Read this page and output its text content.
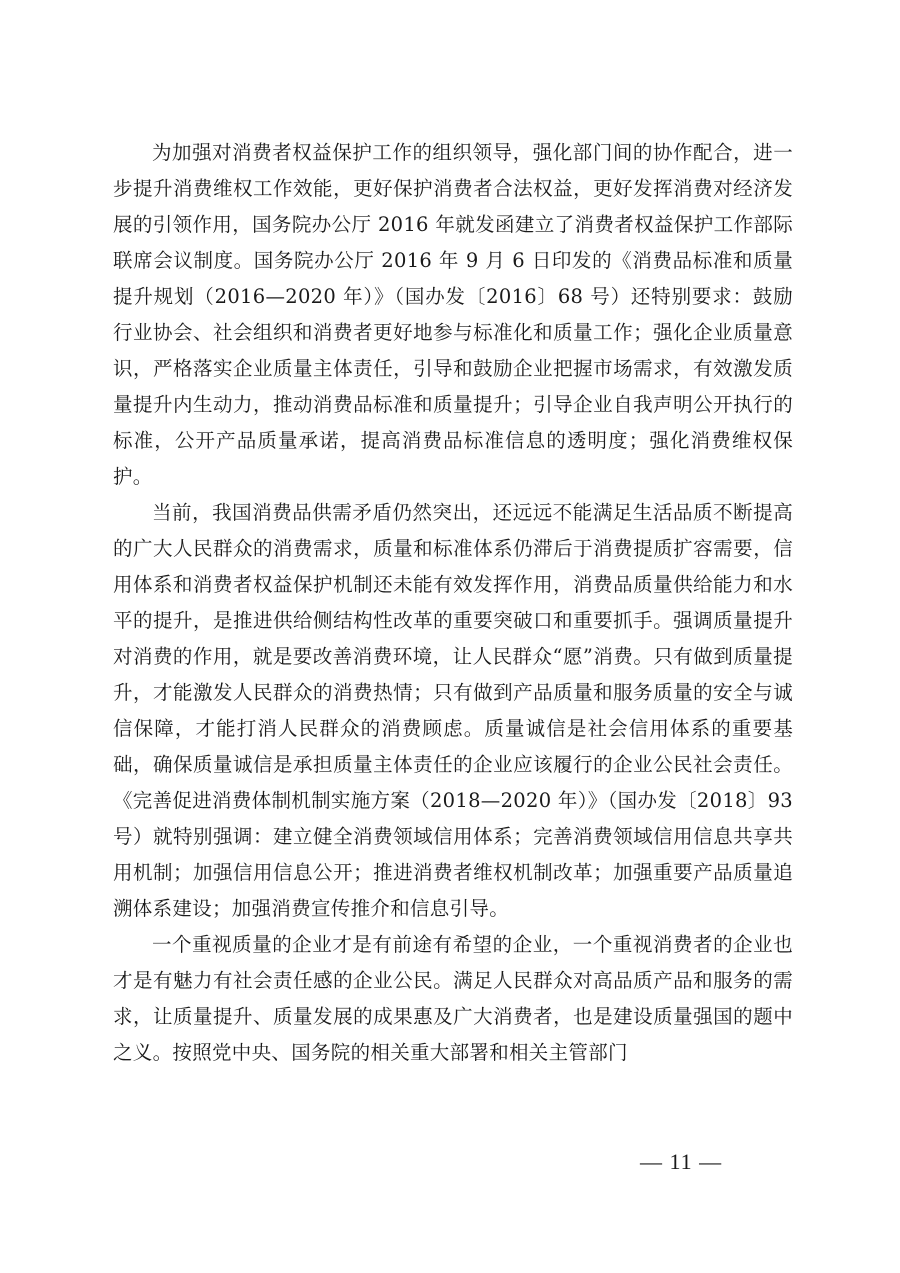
为加强对消费者权益保护工作的组织领导，强化部门间的协作配合，进一步提升消费维权工作效能，更好保护消费者合法权益，更好发挥消费对经济发展的引领作用，国务院办公厅 2016 年就发函建立了消费者权益保护工作部际联席会议制度。国务院办公厅 2016 年 9 月 6 日印发的《消费品标准和质量提升规划（2016—2020 年）》（国办发〔2016〕68 号）还特别要求：鼓励行业协会、社会组织和消费者更好地参与标准化和质量工作；强化企业质量意识，严格落实企业质量主体责任，引导和鼓励企业把握市场需求，有效激发质量提升内生动力，推动消费品标准和质量提升；引导企业自我声明公开执行的标准，公开产品质量承诺，提高消费品标准信息的透明度；强化消费维权保护。

当前，我国消费品供需矛盾仍然突出，还远远不能满足生活品质不断提高的广大人民群众的消费需求，质量和标准体系仍滞后于消费提质扩容需要，信用体系和消费者权益保护机制还未能有效发挥作用，消费品质量供给能力和水平的提升，是推进供给侧结构性改革的重要突破口和重要抓手。强调质量提升对消费的作用，就是要改善消费环境，让人民群众“愿”消费。只有做到质量提升，才能激发人民群众的消费热情；只有做到产品质量和服务质量的安全与诚信保障，才能打消人民群众的消费顾虑。质量诚信是社会信用体系的重要基础，确保质量诚信是承担质量主体责任的企业应该履行的企业公民社会责任。《完善促进消费体制机制实施方案（2018—2020 年）》（国办发〔2018〕93 号）就特别强调：建立健全消费领域信用体系；完善消费领域信用信息共享共用机制；加强信用信息公开；推进消费者维权机制改革；加强重要产品质量追溯体系建设；加强消费宣传推介和信息引导。

一个重视质量的企业才是有前途有希望的企业，一个重视消费者的企业也才是有魅力有社会责任感的企业公民。满足人民群众对高品质产品和服务的需求，让质量提升、质量发展的成果惠及广大消费者，也是建设质量强国的题中之义。按照党中央、国务院的相关重大部署和相关主管部门

— 11 —
